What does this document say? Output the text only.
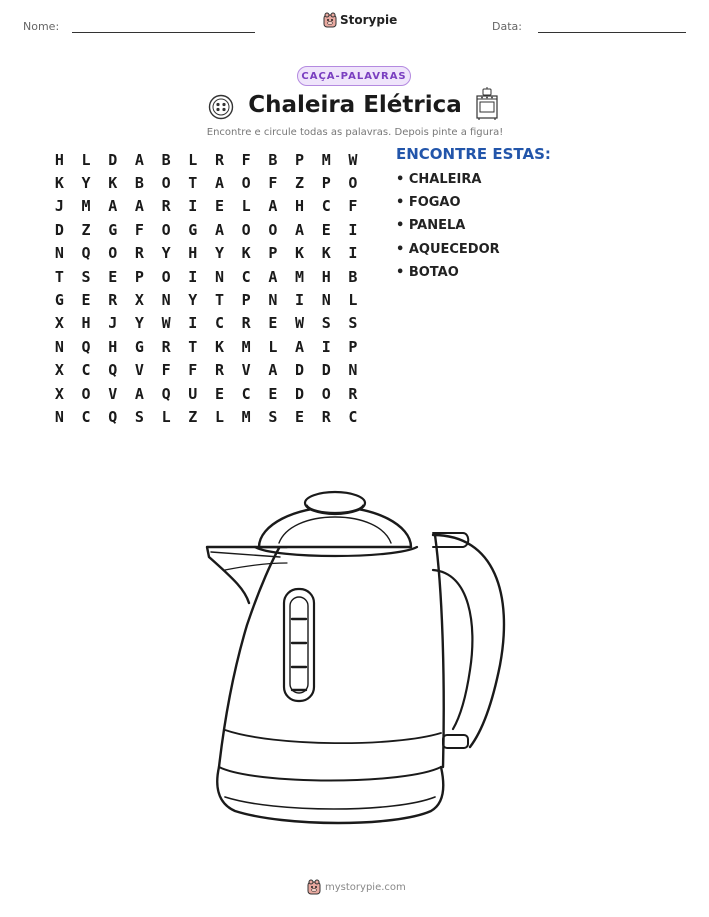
Nome:	Storypie	Data:
CAÇA-PALAVRAS
Chaleira Elétrica
Encontre e circule todas as palavras. Depois pinte a figura!
H	L	D	A	B	L	R	F	B	P	M	W
K	Y	K	B	O	T	A	O	F	Z	P	O
J	M	A	A	R	I	E	L	A	H	C	F
D	Z	G	F	O	G	A	O	O	A	E	I
N	Q	O	R	Y	H	Y	K	P	K	K	I
T	S	E	P	O	I	N	C	A	M	H	B
G	E	R	X	N	Y	T	P	N	I	N	L
X	H	J	Y	W	I	C	R	E	W	S	S
N	Q	H	G	R	T	K	M	L	A	I	P
X	C	Q	V	F	F	R	V	A	D	D	N
X	O	V	A	Q	U	E	C	E	D	O	R
N	C	Q	S	L	Z	L	M	S	E	R	C
ENCONTRE ESTAS:
• CHALEIRA
• FOGAO
• PANELA
• AQUECEDOR
• BOTAO
mystorypie.com
